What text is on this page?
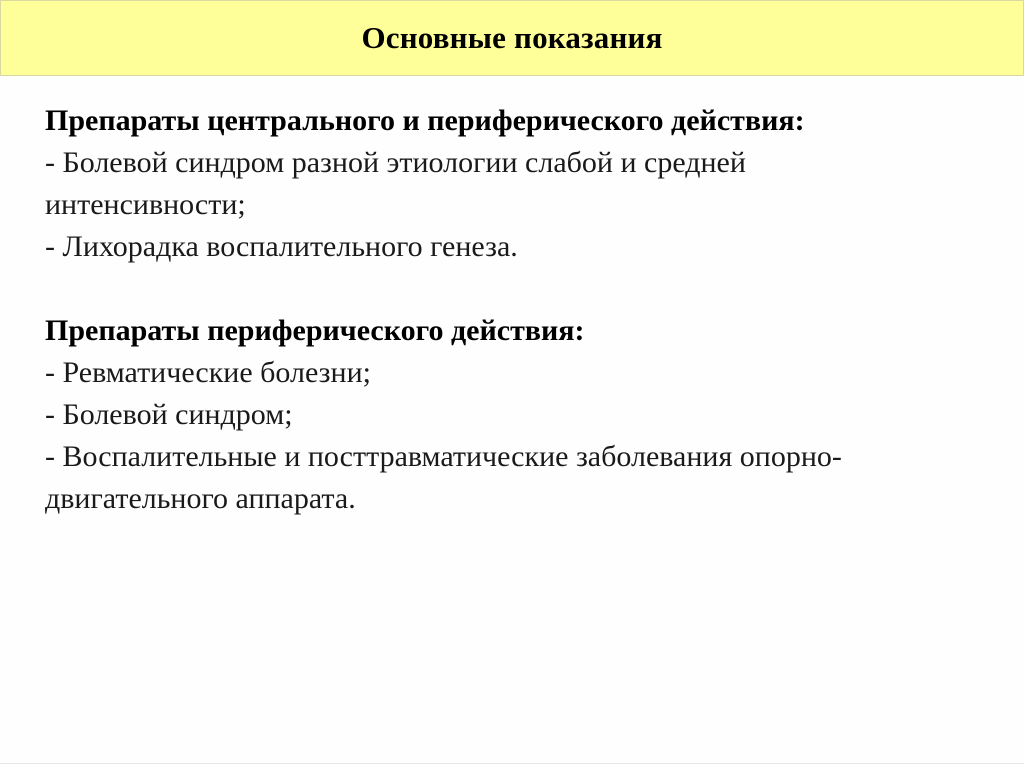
Основные показания

Препараты центрального и периферического действия:

- Болевой синдром разной этиологии слабой и средней

интенсивности;

- Лихорадка воспалительного генеза.

Препараты периферического действия:

- Ревматические болезни;

- Болевой синдром;

- Воспалительные и посттравматические заболевания опорно-

двигательного аппарата.
